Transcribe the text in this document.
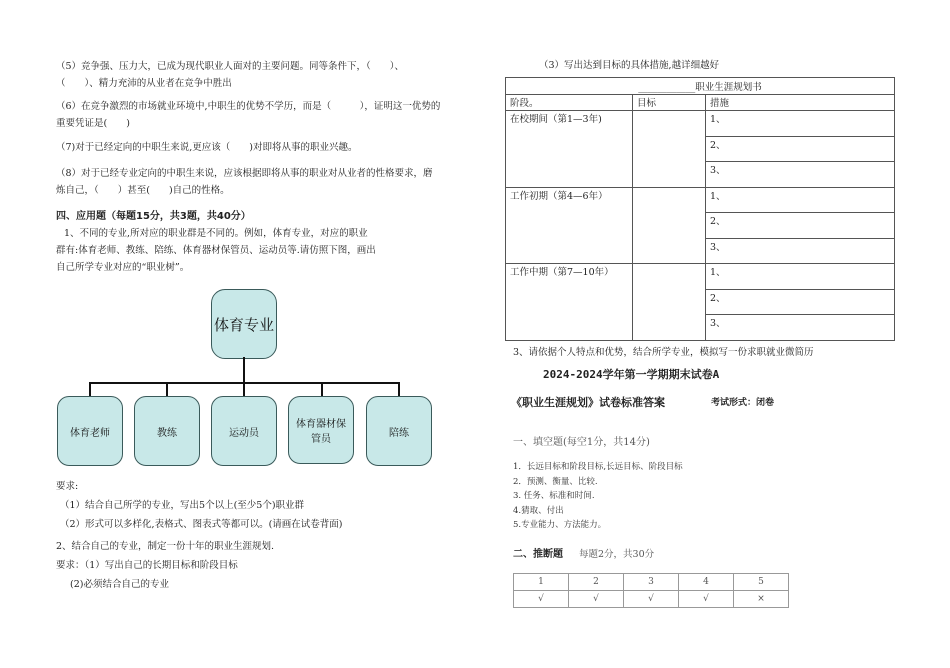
（5）竞争强、压力大，已成为现代职业人面对的主要问题。同等条件下，（　　）、（　　）、精力充沛的从业者在竞争中胜出
（6）在竞争激烈的市场就业环境中,中职生的优势不学历，而是（　　　），证明这一优势的重要凭证是(　　)
（7)对于已经定向的中职生来说,更应该（　　)对即将从事的职业兴趣。
（8）对于已经专业定向的中职生来说，应该根据即将从事的职业对从业者的性格要求，磨炼自己，（　　）甚至(　　)自己的性格。
四、应用题（每题15分，共3题，共40分）
1、不同的专业,所对应的职业群是不同的。例如，体育专业，对应的职业群有:体育老师、教练、陪练、体育器材保管员、运动员等.请仿照下图，画出自己所学专业对应的“职业树”。
体育专业
体育老师	教练	运动员
体育器材保管员
陪练
要求:
（1）结合自己所学的专业，写出5个以上(至少5个)职业群
（2）形式可以多样化,表格式、图表式等都可以。(请画在试卷背面)
2、结合自己的专业，制定一份十年的职业生涯规划.
要求：（1）写出自己的长期目标和阶段目标
(2)必须结合自己的专业
（3）写出达到目标的具体措施,越详细越好
____________职业生涯规划书		
阶段。	目标	措施
在校期间（第1—3年)		1、
		2、
		3、
工作初期（第4—6年）		1、
		2、
		3、
工作中期（第7—10年）		1、
		2、
		3、
3、请依据个人特点和优势，结合所学专业，模拟写一份求职就业微简历
2024-2024学年第一学期期末试卷A
《职业生涯规划》试卷标准答案	考试形式：闭卷
一、填空题(每空1分，共14分)
1．长远目标和阶段目标,长远目标、阶段目标
2．预测、衡量、比较.
3. 任务、标准和时间.
4.猜取、付出
5.专业能力、方法能力。
二、推断题 每题2分，共30分
1	2	3	4	5
√	√	√	√	×
